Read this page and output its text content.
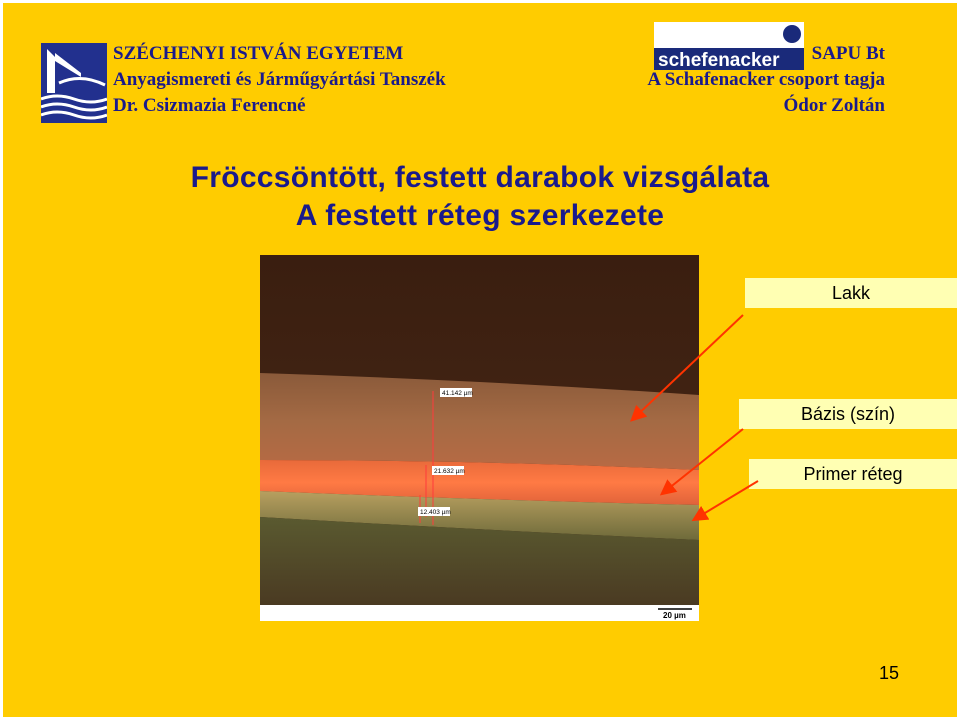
SZÉCHENYI ISTVÁN EGYETEM
Anyagismereti és Járműgyártási Tanszék
Dr. Csizmazia Ferencné
schefenacker SAPU Bt
A Schafenacker csoport tagja
Ódor Zoltán
Fröccsöntött, festett darabok vizsgálata
A festett réteg szerkezete
41.142 µm
21.632 µm
12.403 µm
20 µm
Lakk
Bázis (szín)
Primer réteg
15
